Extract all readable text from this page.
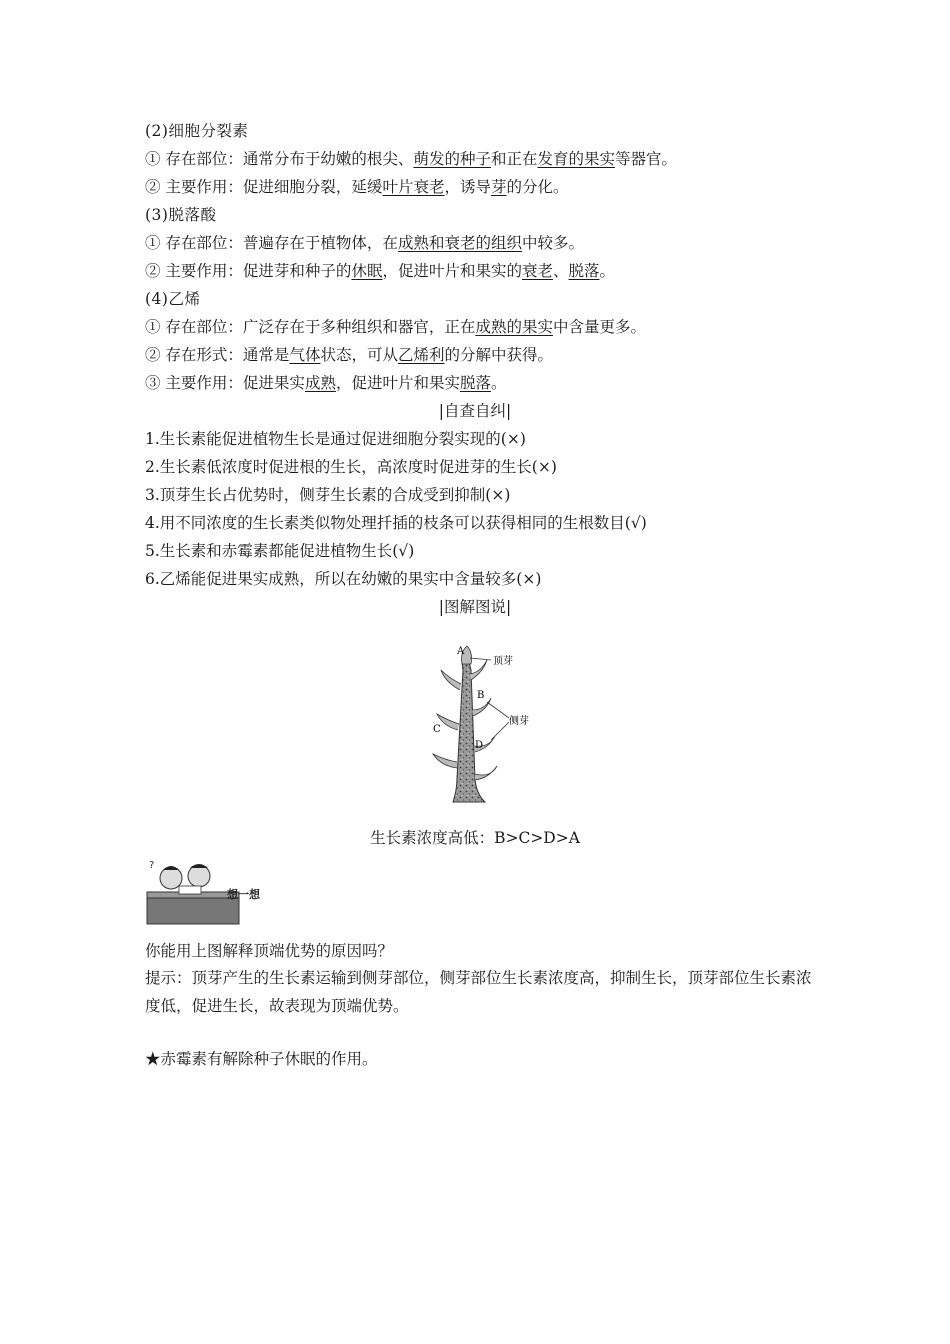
(2)细胞分裂素
① 存在部位：通常分布于幼嫩的根尖、萌发的种子和正在发育的果实等器官。
② 主要作用：促进细胞分裂，延缓叶片衰老，诱导芽的分化。
(3)脱落酸
① 存在部位：普遍存在于植物体，在成熟和衰老的组织中较多。
② 主要作用：促进芽和种子的休眠，促进叶片和果实的衰老、脱落。
(4)乙烯
① 存在部位：广泛存在于多种组织和器官，正在成熟的果实中含量更多。
② 存在形式：通常是气体状态，可从乙烯利的分解中获得。
③ 主要作用：促进果实成熟，促进叶片和果实脱落。
|自查自纠|
1.生长素能促进植物生长是通过促进细胞分裂实现的(×)
2.生长素低浓度时促进根的生长，高浓度时促进芽的生长(×)
3.顶芽生长占优势时，侧芽生长素的合成受到抑制(×)
4.用不同浓度的生长素类似物处理扦插的枝条可以获得相同的生根数目(√)
5.生长素和赤霉素都能促进植物生长(√)
6.乙烯能促进果实成熟，所以在幼嫩的果实中含量较多(×)
|图解图说|
A
B
C
D
顶芽
侧芽
生长素浓度高低：B>C>D>A
?
想一想
你能用上图解释顶端优势的原因吗？
提示：顶芽产生的生长素运输到侧芽部位，侧芽部位生长素浓度高，抑制生长，顶芽部位生长素浓度低，促进生长，故表现为顶端优势。
★赤霉素有解除种子休眠的作用。
